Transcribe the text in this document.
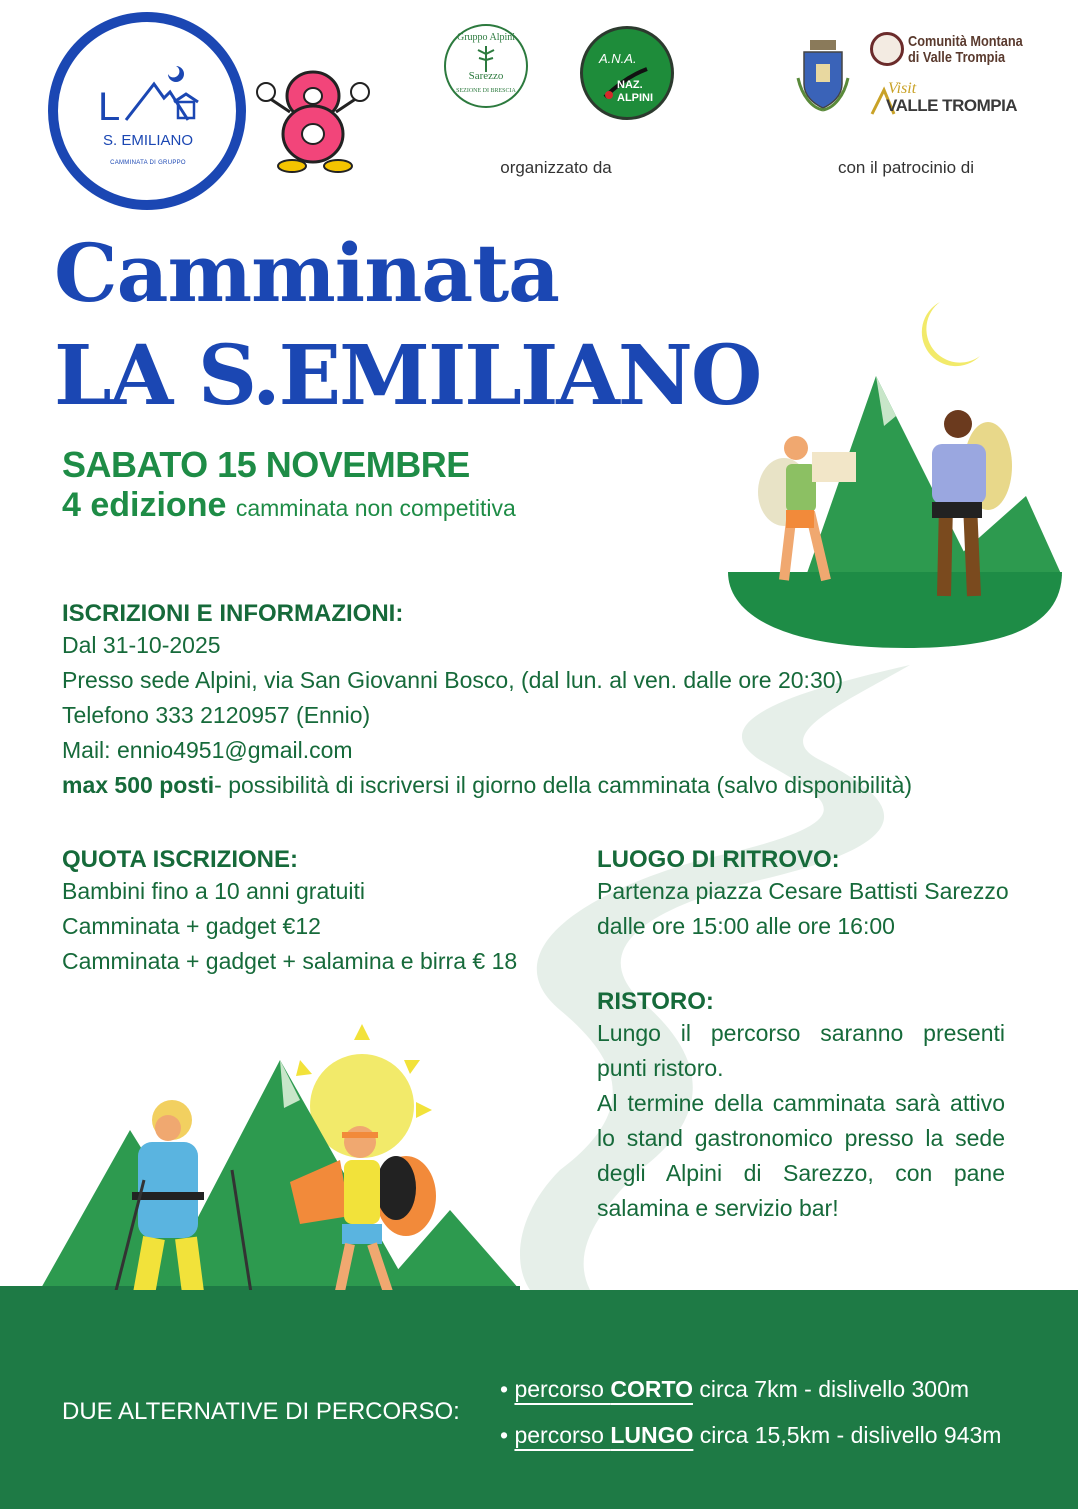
L
S. EMILIANO
CAMMINATA DI GRUPPO
Gruppo Alpini
Sarezzo
SEZIONE DI BRESCIA
A.N.A.
NAZ.
ALPINI
organizzato da
Comunità Montana
di Valle Trompia
Visit
VALLE TROMPIA
con il patrocinio di
Camminata
LA S.EMILIANO
SABATO 15 NOVEMBRE
4 edizione camminata non competitiva
ISCRIZIONI E INFORMAZIONI:
Dal 31-10-2025
Presso sede Alpini, via San Giovanni Bosco, (dal lun. al ven. dalle ore 20:30)
Telefono 333 2120957 (Ennio)
Mail: ennio4951@gmail.com
max 500 posti- possibilità di iscriversi il giorno della camminata (salvo disponibilità)
QUOTA ISCRIZIONE:
Bambini fino a 10 anni gratuiti
Camminata + gadget €12
Camminata + gadget + salamina e birra € 18
LUOGO DI RITROVO:
Partenza piazza Cesare Battisti Sarezzo
dalle ore 15:00 alle ore 16:00
RISTORO:
Lungo il percorso saranno presenti punti ristoro.
Al termine della camminata sarà attivo lo stand gastronomico presso la sede degli Alpini di Sarezzo, con pane salamina e servizio bar!
DUE ALTERNATIVE DI PERCORSO:
• percorso CORTO circa 7km - dislivello 300m
• percorso LUNGO circa 15,5km - dislivello 943m
